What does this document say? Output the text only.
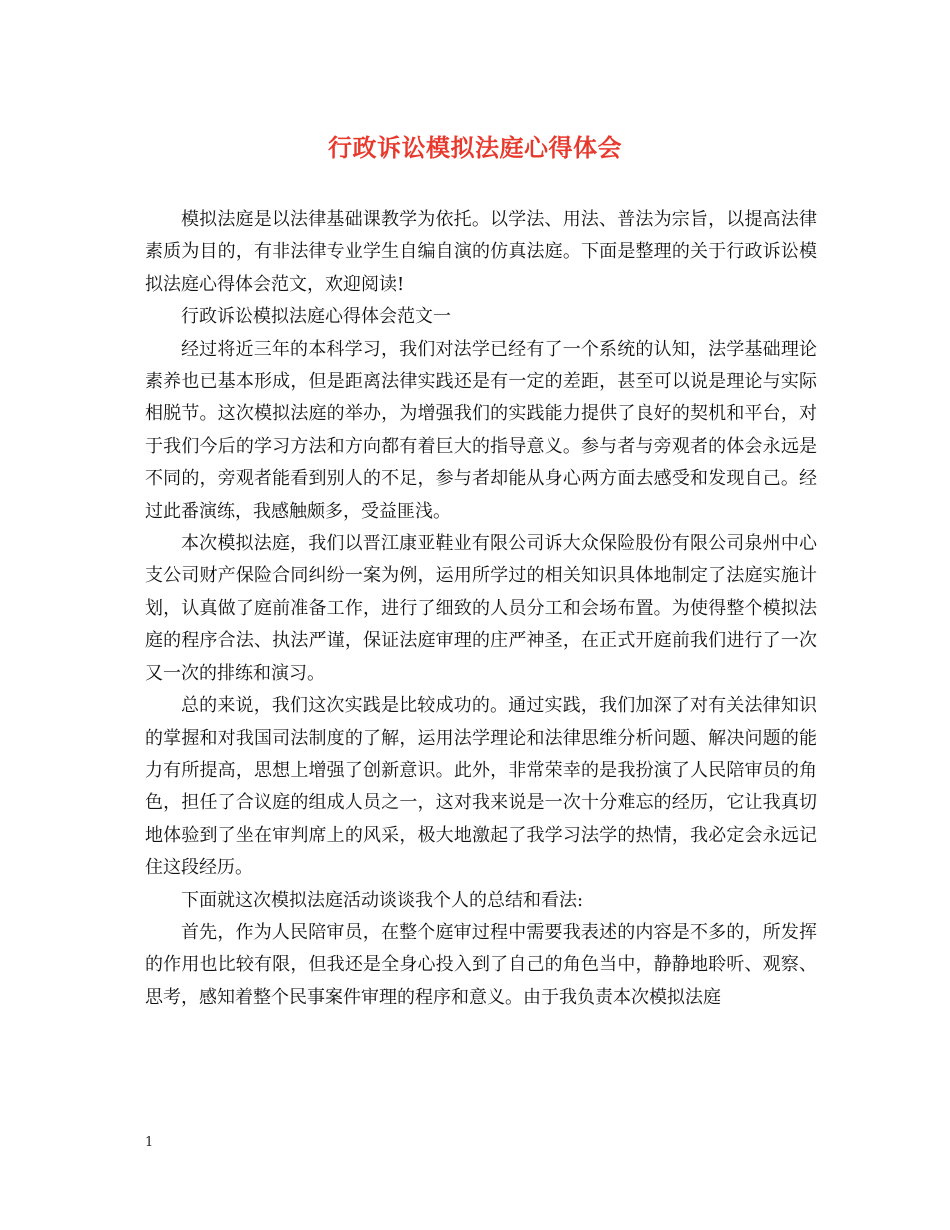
行政诉讼模拟法庭心得体会

模拟法庭是以法律基础课教学为依托。以学法、用法、普法为宗旨，以提高法律素质为目的，有非法律专业学生自编自演的仿真法庭。下面是整理的关于行政诉讼模拟法庭心得体会范文，欢迎阅读!

行政诉讼模拟法庭心得体会范文一

经过将近三年的本科学习，我们对法学已经有了一个系统的认知，法学基础理论素养也已基本形成，但是距离法律实践还是有一定的差距，甚至可以说是理论与实际相脱节。这次模拟法庭的举办，为增强我们的实践能力提供了良好的契机和平台，对于我们今后的学习方法和方向都有着巨大的指导意义。参与者与旁观者的体会永远是不同的，旁观者能看到别人的不足，参与者却能从身心两方面去感受和发现自己。经过此番演练，我感触颇多，受益匪浅。

本次模拟法庭，我们以晋江康亚鞋业有限公司诉大众保险股份有限公司泉州中心支公司财产保险合同纠纷一案为例，运用所学过的相关知识具体地制定了法庭实施计划，认真做了庭前准备工作，进行了细致的人员分工和会场布置。为使得整个模拟法庭的程序合法、执法严谨，保证法庭审理的庄严神圣，在正式开庭前我们进行了一次又一次的排练和演习。

总的来说，我们这次实践是比较成功的。通过实践，我们加深了对有关法律知识的掌握和对我国司法制度的了解，运用法学理论和法律思维分析问题、解决问题的能力有所提高，思想上增强了创新意识。此外，非常荣幸的是我扮演了人民陪审员的角色，担任了合议庭的组成人员之一，这对我来说是一次十分难忘的经历，它让我真切地体验到了坐在审判席上的风采，极大地激起了我学习法学的热情，我必定会永远记住这段经历。

下面就这次模拟法庭活动谈谈我个人的总结和看法:

首先，作为人民陪审员，在整个庭审过程中需要我表述的内容是不多的，所发挥的作用也比较有限，但我还是全身心投入到了自己的角色当中，静静地聆听、观察、思考，感知着整个民事案件审理的程序和意义。由于我负责本次模拟法庭

1
